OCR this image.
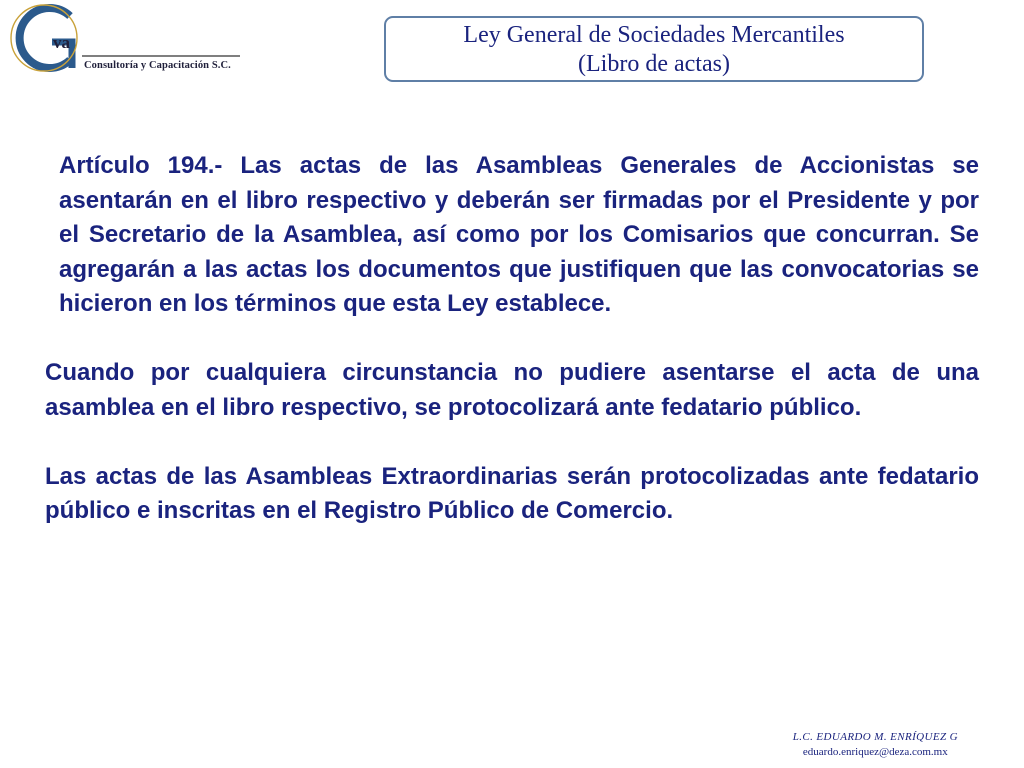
va
Consultoría y Capacitación S.C.
Ley General de Sociedades Mercantiles
(Libro de actas)

Artículo 194.- Las actas de las Asambleas Generales de Accionistas se asentarán en el libro respectivo y deberán ser firmadas por el Presidente y por el Secretario de la Asamblea, así como por los Comisarios que concurran. Se agregarán a las actas los documentos que justifiquen que las convocatorias se hicieron en los términos que esta Ley establece.

Cuando por cualquiera circunstancia no pudiere asentarse el acta de una asamblea en el libro respectivo, se protocolizará ante fedatario público.

Las actas de las Asambleas Extraordinarias serán protocolizadas ante fedatario público e inscritas en el Registro Público de Comercio.

L.C. EDUARDO M. ENRÍQUEZ G
eduardo.enriquez@deza.com.mx
